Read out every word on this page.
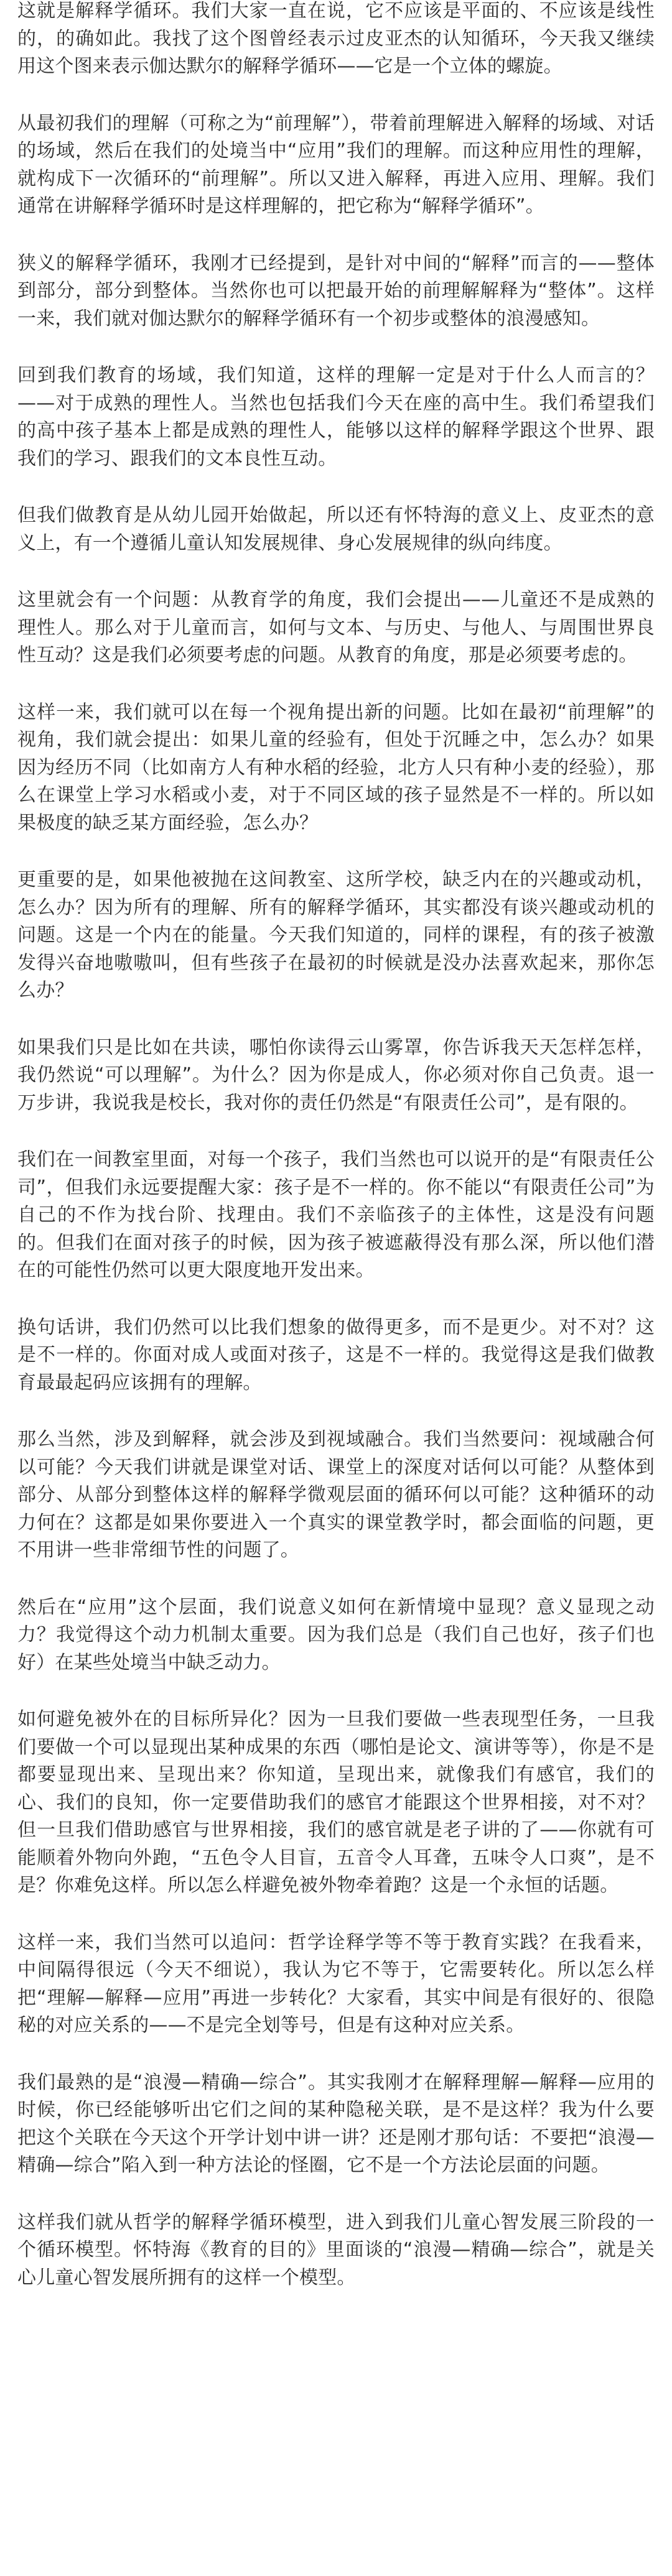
这就是解释学循环。我们大家一直在说，它不应该是平面的、不应该是线性的，的确如此。我找了这个图曾经表示过皮亚杰的认知循环，今天我又继续用这个图来表示伽达默尔的解释学循环——它是一个立体的螺旋。

从最初我们的理解（可称之为“前理解”），带着前理解进入解释的场域、对话的场域，然后在我们的处境当中“应用”我们的理解。而这种应用性的理解，就构成下一次循环的“前理解”。所以又进入解释，再进入应用、理解。我们通常在讲解释学循环时是这样理解的，把它称为“解释学循环”。

狭义的解释学循环，我刚才已经提到，是针对中间的“解释”而言的——整体到部分，部分到整体。当然你也可以把最开始的前理解解释为“整体”。这样一来，我们就对伽达默尔的解释学循环有一个初步或整体的浪漫感知。

回到我们教育的场域，我们知道，这样的理解一定是对于什么人而言的？——对于成熟的理性人。当然也包括我们今天在座的高中生。我们希望我们的高中孩子基本上都是成熟的理性人，能够以这样的解释学跟这个世界、跟我们的学习、跟我们的文本良性互动。

但我们做教育是从幼儿园开始做起，所以还有怀特海的意义上、皮亚杰的意义上，有一个遵循儿童认知发展规律、身心发展规律的纵向纬度。

这里就会有一个问题：从教育学的角度，我们会提出——儿童还不是成熟的理性人。那么对于儿童而言，如何与文本、与历史、与他人、与周围世界良性互动？这是我们必须要考虑的问题。从教育的角度，那是必须要考虑的。

这样一来，我们就可以在每一个视角提出新的问题。比如在最初“前理解”的视角，我们就会提出：如果儿童的经验有，但处于沉睡之中，怎么办？如果因为经历不同（比如南方人有种水稻的经验，北方人只有种小麦的经验），那么在课堂上学习水稻或小麦，对于不同区域的孩子显然是不一样的。所以如果极度的缺乏某方面经验，怎么办？

更重要的是，如果他被抛在这间教室、这所学校，缺乏内在的兴趣或动机，怎么办？因为所有的理解、所有的解释学循环，其实都没有谈兴趣或动机的问题。这是一个内在的能量。今天我们知道的，同样的课程，有的孩子被激发得兴奋地嗷嗷叫，但有些孩子在最初的时候就是没办法喜欢起来，那你怎么办？

如果我们只是比如在共读，哪怕你读得云山雾罩，你告诉我天天怎样怎样，我仍然说“可以理解”。为什么？因为你是成人，你必须对你自己负责。退一万步讲，我说我是校长，我对你的责任仍然是“有限责任公司”，是有限的。

我们在一间教室里面，对每一个孩子，我们当然也可以说开的是“有限责任公司”，但我们永远要提醒大家：孩子是不一样的。你不能以“有限责任公司”为自己的不作为找台阶、找理由。我们不亲临孩子的主体性，这是没有问题的。但我们在面对孩子的时候，因为孩子被遮蔽得没有那么深，所以他们潜在的可能性仍然可以更大限度地开发出来。

换句话讲，我们仍然可以比我们想象的做得更多，而不是更少。对不对？这是不一样的。你面对成人或面对孩子，这是不一样的。我觉得这是我们做教育最最起码应该拥有的理解。

那么当然，涉及到解释，就会涉及到视域融合。我们当然要问：视域融合何以可能？今天我们讲就是课堂对话、课堂上的深度对话何以可能？从整体到部分、从部分到整体这样的解释学微观层面的循环何以可能？这种循环的动力何在？这都是如果你要进入一个真实的课堂教学时，都会面临的问题，更不用讲一些非常细节性的问题了。

然后在“应用”这个层面，我们说意义如何在新情境中显现？意义显现之动力？我觉得这个动力机制太重要。因为我们总是（我们自己也好，孩子们也好）在某些处境当中缺乏动力。

如何避免被外在的目标所异化？因为一旦我们要做一些表现型任务，一旦我们要做一个可以显现出某种成果的东西（哪怕是论文、演讲等等），你是不是都要显现出来、呈现出来？你知道，呈现出来，就像我们有感官，我们的心、我们的良知，你一定要借助我们的感官才能跟这个世界相接，对不对？但一旦我们借助感官与世界相接，我们的感官就是老子讲的了——你就有可能顺着外物向外跑，“五色令人目盲，五音令人耳聋，五味令人口爽”，是不是？你难免这样。所以怎么样避免被外物牵着跑？这是一个永恒的话题。

这样一来，我们当然可以追问：哲学诠释学等不等于教育实践？在我看来，中间隔得很远（今天不细说），我认为它不等于，它需要转化。所以怎么样把“理解—解释—应用”再进一步转化？大家看，其实中间是有很好的、很隐秘的对应关系的——不是完全划等号，但是有这种对应关系。

我们最熟的是“浪漫—精确—综合”。其实我刚才在解释理解—解释—应用的时候，你已经能够听出它们之间的某种隐秘关联，是不是这样？我为什么要把这个关联在今天这个开学计划中讲一讲？还是刚才那句话：不要把“浪漫—精确—综合”陷入到一种方法论的怪圈，它不是一个方法论层面的问题。

这样我们就从哲学的解释学循环模型，进入到我们儿童心智发展三阶段的一个循环模型。怀特海《教育的目的》里面谈的“浪漫—精确—综合”，就是关心儿童心智发展所拥有的这样一个模型。
